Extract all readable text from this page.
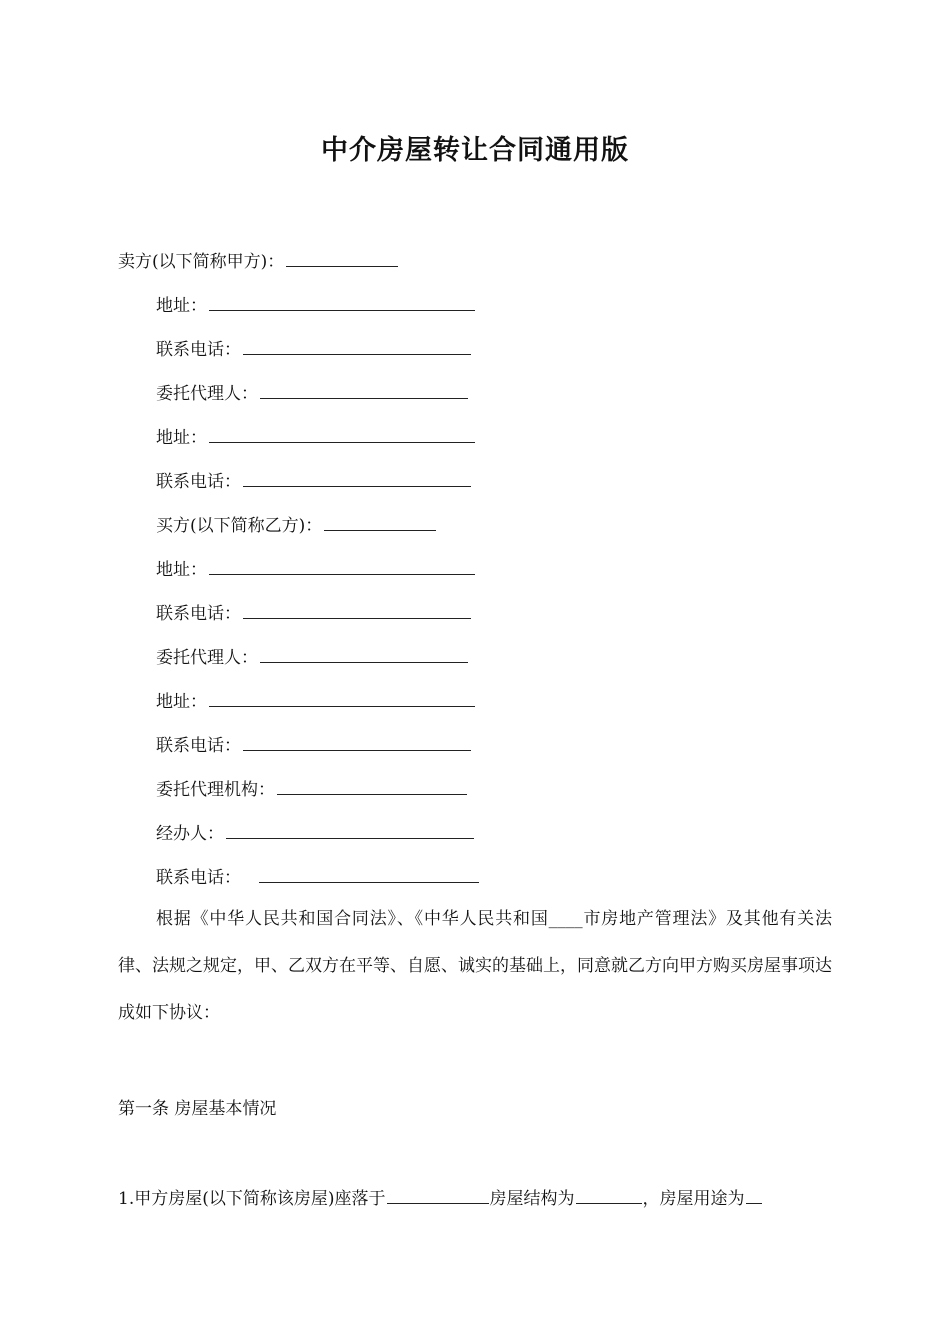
中介房屋转让合同通用版
卖方(以下简称甲方)：
地址：
联系电话：
委托代理人：
地址：
联系电话：
买方(以下简称乙方)：
地址：
联系电话：
委托代理人：
地址：
联系电话：
委托代理机构：
经办人：
联系电话：
根据《中华人民共和国合同法》、《中华人民共和国____市房地产管理法》及其他有关法律、法规之规定，甲、乙双方在平等、自愿、诚实的基础上，同意就乙方向甲方购买房屋事项达成如下协议：
第一条 房屋基本情况
1.甲方房屋(以下简称该房屋)座落于	房屋结构为	，房屋用途为
